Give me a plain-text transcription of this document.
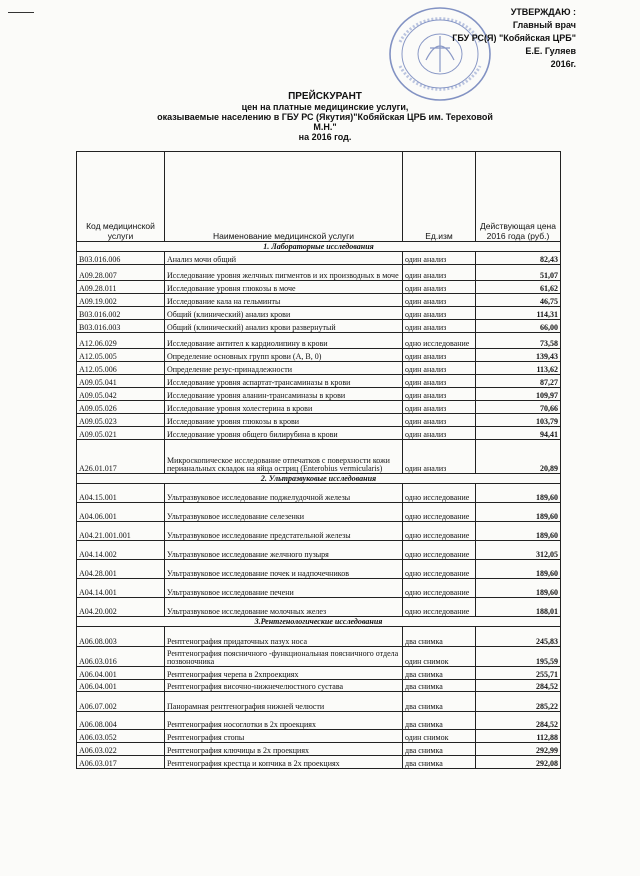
УТВЕРЖДАЮ :
Главный врач
ГБУ РС(Я) "Кобяйская ЦРБ"
Е.Е. Гуляев
2016г.
ПРЕЙСКУРАНТ
цен на платные медицинские услуги,
оказываемые населению в ГБУ РС (Якутия)"Кобяйская ЦРБ им. Тереховой М.Н."
на 2016 год.
Код медицинской услуги	Наименование медицинской услуги	Ед.изм	Действующая цена 2016 года (руб.)
1. Лабораторные исследования			
В03.016.006	Анализ мочи общий	один анализ	82,43
А09.28.007	Исследование уровня желчных пигментов и их производных в моче	один анализ	51,07
А09.28.011	Исследование уровня глюкозы в моче	один анализ	61,62
А09.19.002	Исследование кала на гельминты	один анализ	46,75
В03.016.002	Общий (клинический) анализ крови	один анализ	114,31
В03.016.003	Общий (клинический) анализ крови развернутый	один анализ	66,00
А12.06.029	Исследование антител к кардиолипину в крови	одно исследование	73,58
А12.05.005	Определение основных групп крови (А, В, 0)	один анализ	139,43
А12.05.006	Определение резус-принадлежности	один анализ	113,62
А09.05.041	Исследование уровня аспартат-трансаминазы в крови	один анализ	87,27
А09.05.042	Исследование уровня аланин-трансаминазы в крови	один анализ	109,97
А09.05.026	Исследование уровня холестерина в крови	один анализ	70,66
А09.05.023	Исследование уровня глюкозы в крови	один анализ	103,79
А09.05.021	Исследование уровня общего билирубина в крови	один анализ	94,41
А26.01.017	Микроскопическое исследование отпечатков с поверхности кожи перианальных складок на яйца остриц (Enterobius vermicularis)	один анализ	20,89
2. Ультразвуковые исследования			
А04.15.001	Ультразвуковое исследование поджелудочной железы	одно исследование	189,60
А04.06.001	Ультразвуковое исследование селезенки	одно исследование	189,60
А04.21.001.001	Ультразвуковое исследование предстательной железы	одно исследование	189,60
А04.14.002	Ультразвуковое исследование желчного пузыря	одно исследование	312,05
А04.28.001	Ультразвуковое исследование почек и надпочечников	одно исследование	189,60
А04.14.001	Ультразвуковое исследование печени	одно исследование	189,60
А04.20.002	Ультразвуковое исследование молочных желез	одно исследование	188,01
3.Рентгенологические исследования			
А06.08.003	Рентгенография придаточных пазух носа	два снимка	245,83
А06.03.016	Рентгенография поясничного -функциональная поясничного отдела позвоночника	один снимок	195,59
А06.04.001	Рентгенография черепа в 2хпроекциях	два снимка	255,71
А06.04.001	Рентгенография височно-нижнечелюстного сустава	два снимка	284,52
А06.07.002	Панорамная рентгенография нижней челюсти	два снимка	285,22
А06.08.004	Рентгенография носоглотки в 2х проекциях	два снимка	284,52
А06.03.052	Рентгенография стопы	один снимок	112,88
А06.03.022	Рентгенография ключицы в 2х проекциях	два снимка	292,99
А06.03.017	Рентгенография крестца и копчика в 2х проекциях	два снимка	292,08
